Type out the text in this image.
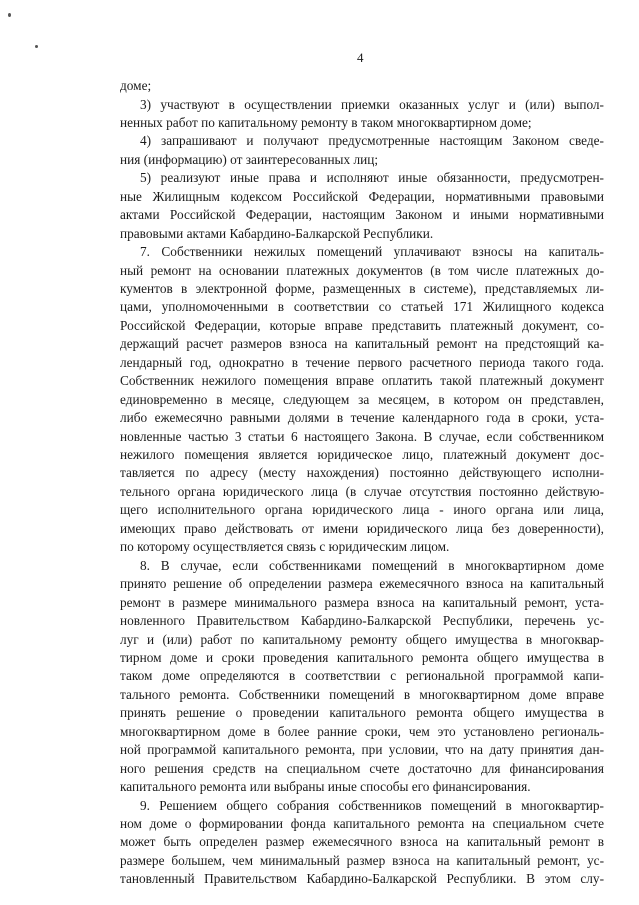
4
доме;
3) участвуют в осуществлении приемки оказанных услуг и (или) выпол-
ненных работ по капитальному ремонту в таком многоквартирном доме;
4) запрашивают и получают предусмотренные настоящим Законом сведе-
ния (информацию) от заинтересованных лиц;
5) реализуют иные права и исполняют иные обязанности, предусмотрен-
ные Жилищным кодексом Российской Федерации, нормативными правовыми
актами Российской Федерации, настоящим Законом и иными нормативными
правовыми актами Кабардино-Балкарской Республики.
7. Собственники нежилых помещений уплачивают взносы на капиталь-
ный ремонт на основании платежных документов (в том числе платежных до-
кументов в электронной форме, размещенных в системе), представляемых ли-
цами, уполномоченными в соответствии со статьей 171 Жилищного кодекса
Российской Федерации, которые вправе представить платежный документ, со-
держащий расчет размеров взноса на капитальный ремонт на предстоящий ка-
лендарный год, однократно в течение первого расчетного периода такого года.
Собственник нежилого помещения вправе оплатить такой платежный документ
единовременно в месяце, следующем за месяцем, в котором он представлен,
либо ежемесячно равными долями в течение календарного года в сроки, уста-
новленные частью 3 статьи 6 настоящего Закона. В случае, если собственником
нежилого помещения является юридическое лицо, платежный документ дос-
тавляется по адресу (месту нахождения) постоянно действующего исполни-
тельного органа юридического лица (в случае отсутствия постоянно действую-
щего исполнительного органа юридического лица - иного органа или лица,
имеющих право действовать от имени юридического лица без доверенности),
по которому осуществляется связь с юридическим лицом.
8. В случае, если собственниками помещений в многоквартирном доме
принято решение об определении размера ежемесячного взноса на капитальный
ремонт в размере минимального размера взноса на капитальный ремонт, уста-
новленного Правительством Кабардино-Балкарской Республики, перечень ус-
луг и (или) работ по капитальному ремонту общего имущества в многоквар-
тирном доме и сроки проведения капитального ремонта общего имущества в
таком доме определяются в соответствии с региональной программой капи-
тального ремонта. Собственники помещений в многоквартирном доме вправе
принять решение о проведении капитального ремонта общего имущества в
многоквартирном доме в более ранние сроки, чем это установлено региональ-
ной программой капитального ремонта, при условии, что на дату принятия дан-
ного решения средств на специальном счете достаточно для финансирования
капитального ремонта или выбраны иные способы его финансирования.
9. Решением общего собрания собственников помещений в многоквартир-
ном доме о формировании фонда капитального ремонта на специальном счете
может быть определен размер ежемесячного взноса на капитальный ремонт в
размере большем, чем минимальный размер взноса на капитальный ремонт, ус-
тановленный Правительством Кабардино-Балкарской Республики. В этом слу-
